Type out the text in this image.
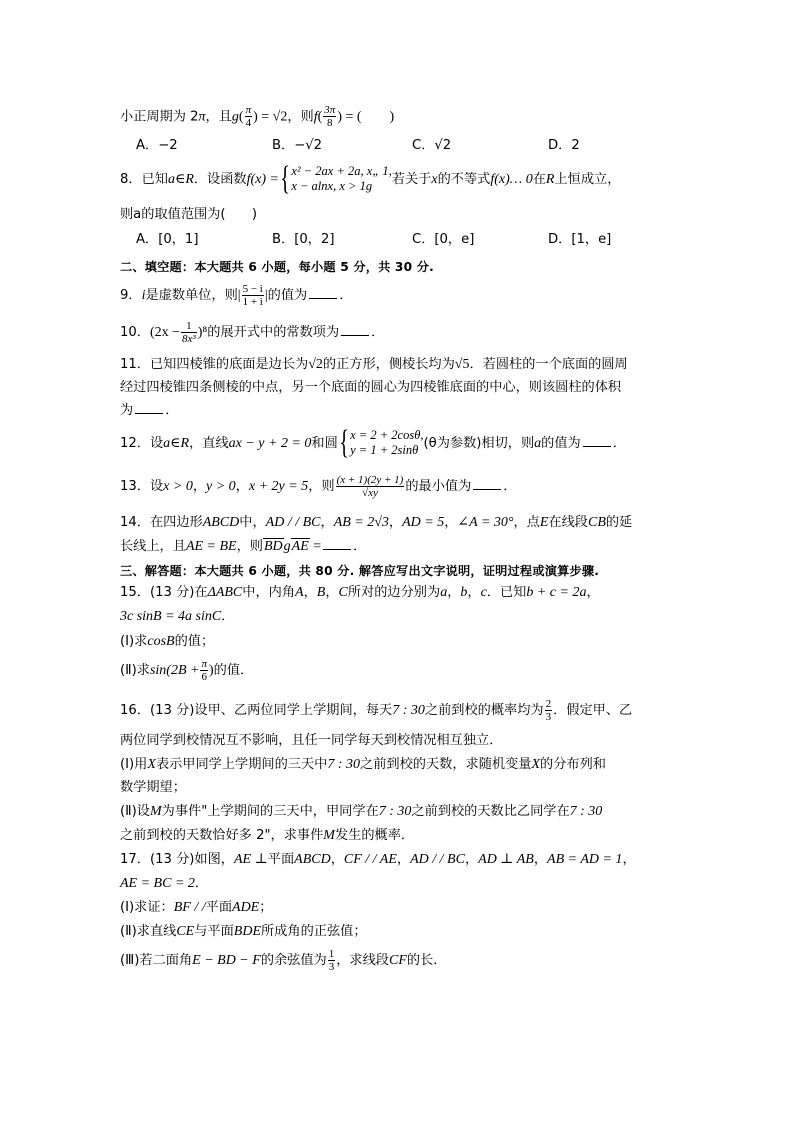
小正周期为 2π，且$g( \frac{\pi}{4}$ ) = √2，则$f( \frac{3\pi}{8}$ ) = (　　)
A．−2	B．−√2	C．√2	D．2
8．已知a∈R．设函数f(x) ={ x² − 2ax + 2a, x„ 1,
x − alnx, x > 1g	若关于x的不等式f(x)… 0在R上恒成立，
则a的取值范围为(　　)
A．[0，1]	B．[0，2]	C．[0，e]	D．[1，e]
二、填空题：本大题共 6 小题，每小题 5 分，共 30 分.
9．i是虚数单位，则| $\frac{5 - i}{1 + i}$ |的值为 ．
10．$(2x - \frac{1}{\text{8x³}} )^8$的展开式中的常数项为 ．
11．已知四棱锥的底面是边长为√2的正方形，侧棱长均为√5．若圆柱的一个底面的圆周
经过四棱锥四条侧棱的中点，另一个底面的圆心为四棱锥底面的中心，则该圆柱的体积
为 ．
12．设a∈R，直线ax − y + 2 = 0和圆{ x = 2 + 2cosθ,
y = 1 + 2sinθ (θ为参数)相切，则a的值为 ．
13．设x > 0，y > 0，x + 2y = 5，则 $\frac{(x + 1)(2y + 1)}{√xy}$ 的最小值为 ．
14．在四边形ABCD中，AD / / BC，AB = 2√3，AD = 5，∠A = 30°，点E在线段CB的延
长线上，且AE = BE，则BDgAE = ．
三、解答题：本大题共 6 小题，共 80 分. 解答应写出文字说明，证明过程或演算步骤.
15．(13 分)在ΔABC中，内角A，B，C所对的边分别为a，b，c．已知b + c = 2a，
3c sinB = 4a sinC．
(Ⅰ)求cosB的值；
(Ⅱ)求$\sin(2B + \frac{\pi}{6}$ )的值．
16．(13 分)设甲、乙两位同学上学期间，每天7 : 30之前到校的概率均为 $\frac{2}{3}$ ．假定甲、乙
两位同学到校情况互不影响，且任一同学每天到校情况相互独立．
(Ⅰ)用X表示甲同学上学期间的三天中7 : 30之前到校的天数，求随机变量X的分布列和
数学期望；
(Ⅱ)设M为事件"上学期间的三天中，甲同学在7 : 30之前到校的天数比乙同学在7 : 30
之前到校的天数恰好多 2"，求事件M发生的概率．
17．(13 分)如图，AE ⊥平面ABCD，CF / / AE，AD / / BC，AD ⊥ AB，AB = AD = 1，
AE = BC = 2．
(Ⅰ)求证：BF / /平面ADE；
(Ⅱ)求直线CE与平面BDE所成角的正弦值；
(Ⅲ)若二面角E − BD − F的余弦值为 $\frac{1}{3}$ ，求线段CF的长．
